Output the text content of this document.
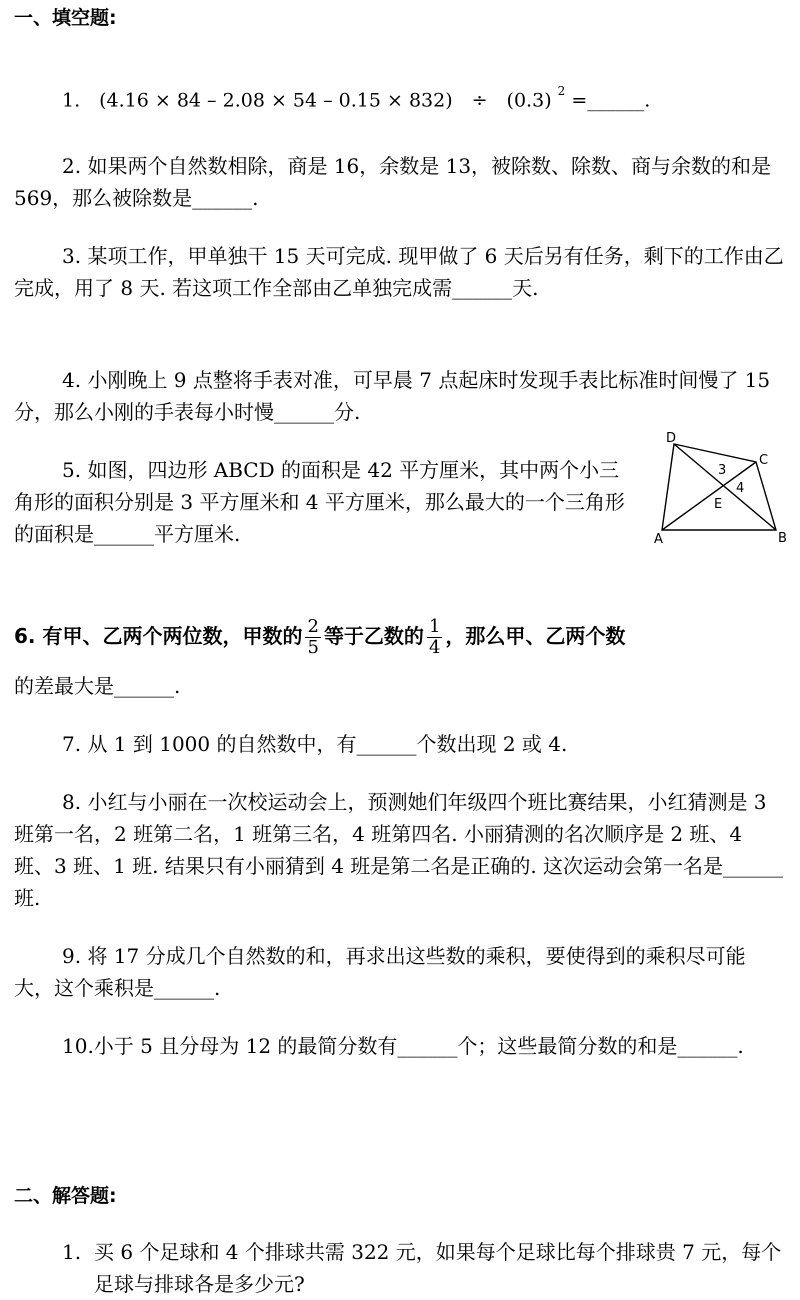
一、填空题:
1.　(4.16 × 84 – 2.08 × 54 – 0.15 × 832)　÷　(0.3) $^2$ =______.

2. 如果两个自然数相除，商是 16，余数是 13，被除数、除数、商与余数的和是 569，那么被除数是______.

3. 某项工作，甲单独干 15 天可完成. 现甲做了 6 天后另有任务，剩下的工作由乙完成，用了 8 天. 若这项工作全部由乙单独完成需______天.

4. 小刚晚上 9 点整将手表对准，可早晨 7 点起床时发现手表比标准时间慢了 15 分，那么小刚的手表每小时慢______分.

5. 如图，四边形 ABCD 的面积是 42 平方厘米，其中两个小三角形的面积分别是 3 平方厘米和 4 平方厘米，那么最大的一个三角形的面积是______平方厘米.

D
C
A	B
E
3
4
6. 有甲、乙两个两位数，甲数的 $\frac{2}{5}$ 等于乙数的 $\frac{1}{4}$ ，那么甲、乙两个数

的差最大是______.

7. 从 1 到 1000 的自然数中，有______个数出现 2 或 4.

8. 小红与小丽在一次校运动会上，预测她们年级四个班比赛结果，小红猜测是 3 班第一名，2 班第二名，1 班第三名，4 班第四名. 小丽猜测的名次顺序是 2 班、4 班、3 班、1 班. 结果只有小丽猜到 4 班是第二名是正确的. 这次运动会第一名是______班.

9. 将 17 分成几个自然数的和，再求出这些数的乘积，要使得到的乘积尽可能大，这个乘积是______.

10.小于 5 且分母为 12 的最简分数有______个；这些最简分数的和是______.

二、解答题:
1. 买 6 个足球和 4 个排球共需 322 元，如果每个足球比每个排球贵 7 元，每个足球与排球各是多少元?
